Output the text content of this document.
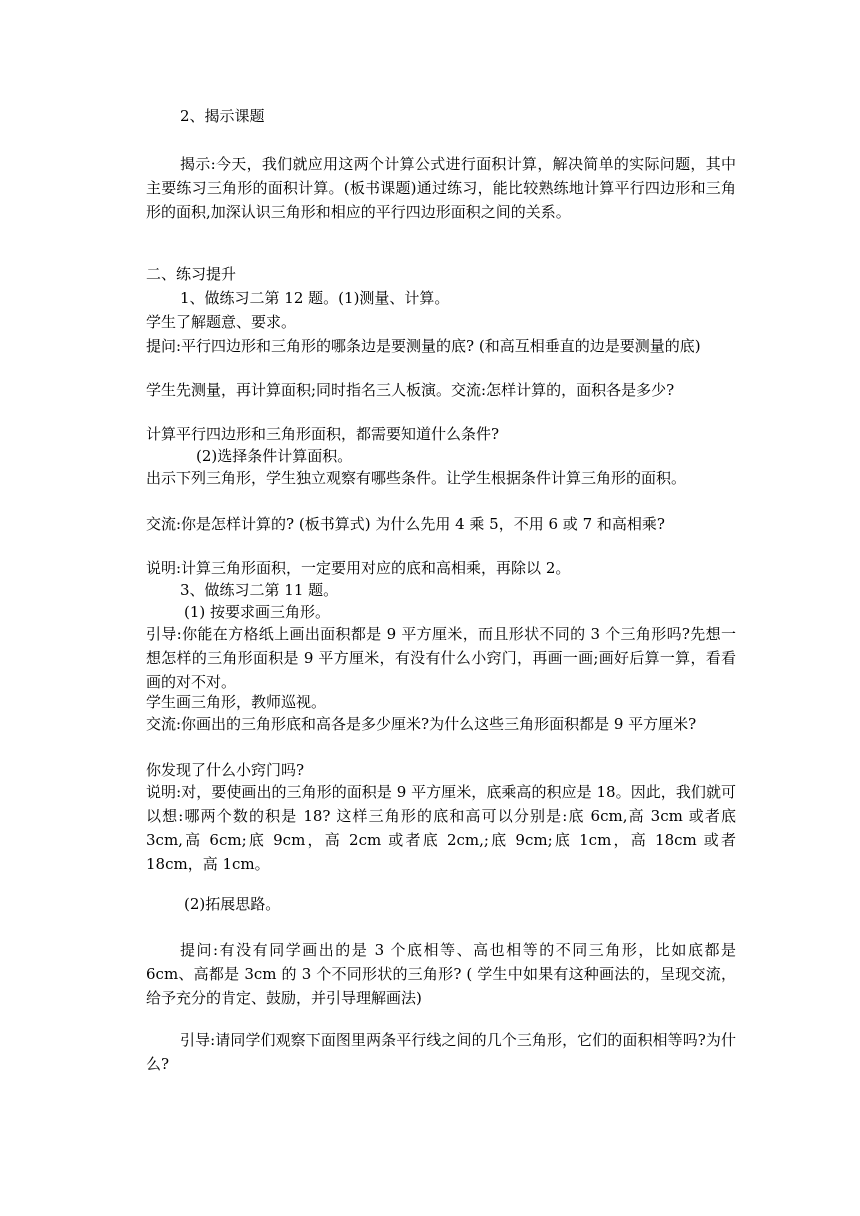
2、揭示课题
揭示:今天，我们就应用这两个计算公式进行面积计算，解决简单的实际问题，其中主要练习三角形的面积计算。(板书课题)通过练习，能比较熟练地计算平行四边形和三角形的面积,加深认识三角形和相应的平行四边形面积之间的关系。
二、练习提升
1、做练习二第 12 题。(1)测量、计算。
学生了解题意、要求。
提问:平行四边形和三角形的哪条边是要测量的底? (和高互相垂直的边是要测量的底)
学生先测量，再计算面积;同时指名三人板演。交流:怎样计算的，面积各是多少?
计算平行四边形和三角形面积，都需要知道什么条件?
(2)选择条件计算面积。
出示下列三角形，学生独立观察有哪些条件。让学生根据条件计算三角形的面积。
交流:你是怎样计算的? (板书算式) 为什么先用 4 乘 5，不用 6 或 7 和高相乘?
说明:计算三角形面积，一定要用对应的底和高相乘，再除以 2。
3、做练习二第 11 题。
(1) 按要求画三角形。
引导:你能在方格纸上画出面积都是 9 平方厘米，而且形状不同的 3 个三角形吗?先想一想怎样的三角形面积是 9 平方厘米，有没有什么小窍门，再画一画;画好后算一算，看看画的对不对。
学生画三角形，教师巡视。
交流:你画出的三角形底和高各是多少厘米?为什么这些三角形面积都是 9 平方厘米?
你发现了什么小窍门吗?
说明:对，要使画出的三角形的面积是 9 平方厘米，底乘高的积应是 18。因此，我们就可以想:哪两个数的积是 18? 这样三角形的底和高可以分别是:底 6cm,高 3cm 或者底 3cm,高 6cm;底 9cm，高 2cm 或者底 2cm,;底 9cm;底 1cm，高 18cm 或者 18cm，高 1cm。
(2)拓展思路。
提问:有没有同学画出的是 3 个底相等、高也相等的不同三角形，比如底都是 6cm、高都是 3cm 的 3 个不同形状的三角形? ( 学生中如果有这种画法的，呈现交流，给予充分的肯定、鼓励，并引导理解画法)
引导:请同学们观察下面图里两条平行线之间的几个三角形，它们的面积相等吗?为什么?
